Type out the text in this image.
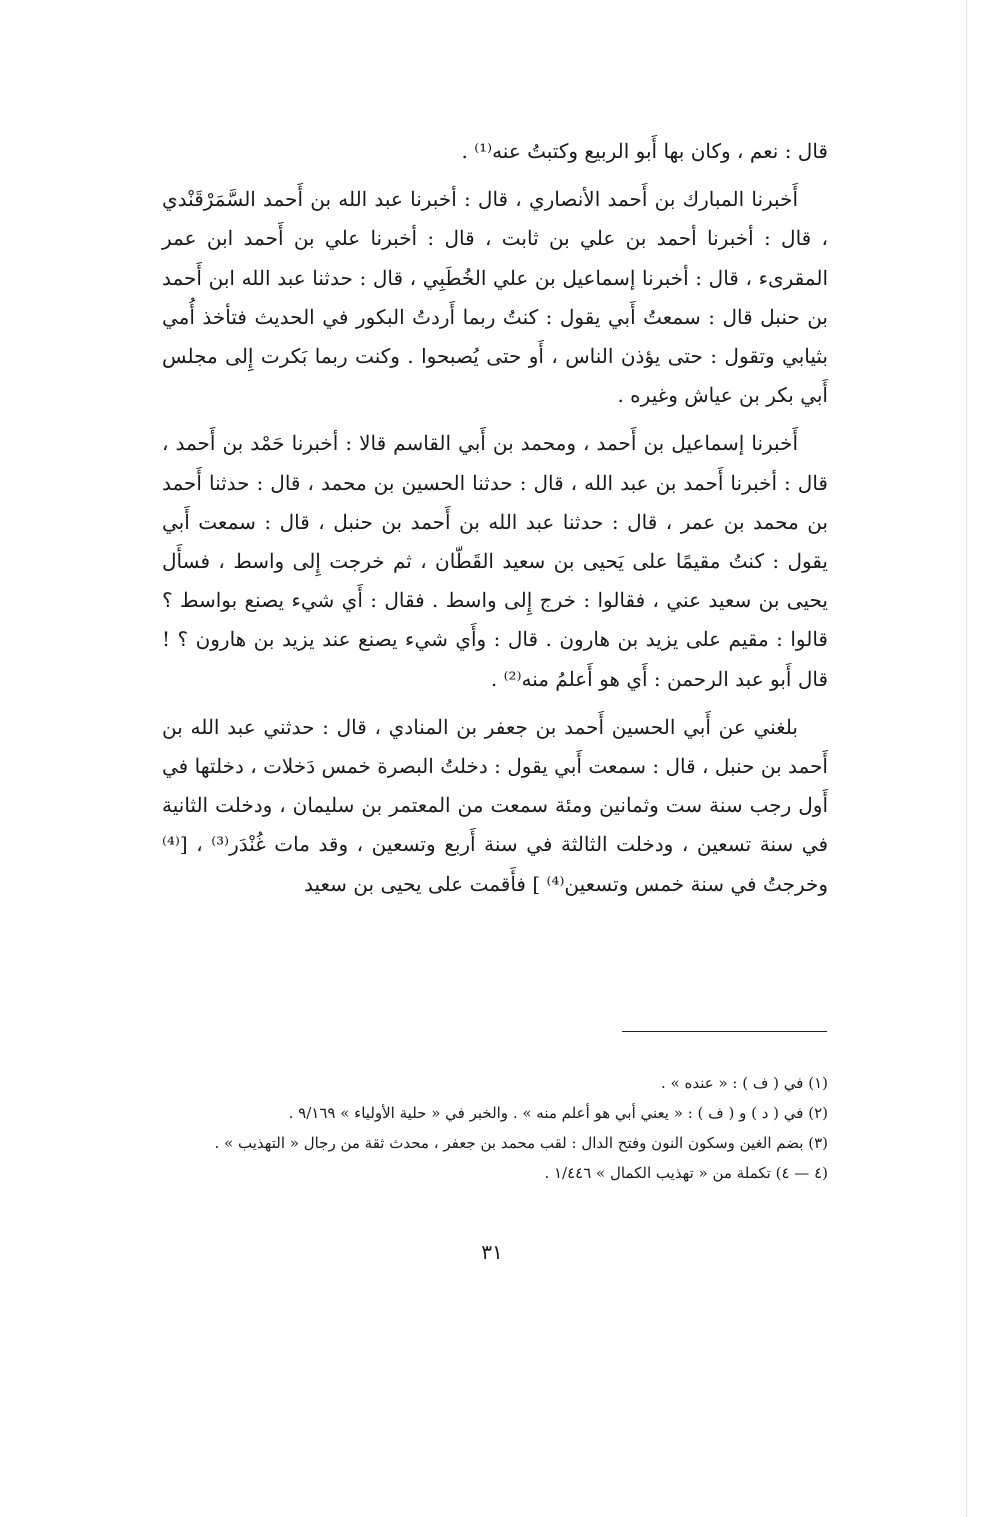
قال : نعم ، وكان بها أَبو الربيع وكتبتُ عنه⁽¹⁾ .

أَخبرنا المبارك بن أَحمد الأنصاري ، قال : أخبرنا عبد الله بن أَحمد السَّمَرْقَنْدي ، قال : أخبرنا أحمد بن علي بن ثابت ، قال : أخبرنا علي بن أَحمد ابن عمر المقرىء ، قال : أخبرنا إسماعيل بن علي الخُطَبِي ، قال : حدثنا عبد الله ابن أَحمد بن حنبل قال : سمعتُ أَبي يقول : كنتُ ربما أَردتُ البكور في الحديث فتأخذ أُمي بثيابي وتقول : حتى يؤذن الناس ، أَو حتى يُصبحوا . وكنت ربما بَكرت إِلى مجلس أَبي بكر بن عياش وغيره .

أَخبرنا إسماعيل بن أَحمد ، ومحمد بن أَبي القاسم قالا : أخبرنا حَمْد بن أَحمد ، قال : أخبرنا أَحمد بن عبد الله ، قال : حدثنا الحسين بن محمد ، قال : حدثنا أَحمد بن محمد بن عمر ، قال : حدثنا عبد الله بن أَحمد بن حنبل ، قال : سمعت أَبي يقول : كنتُ مقيمًا على يَحيى بن سعيد القَطّان ، ثم خرجت إِلى واسط ، فسأَل يحيى بن سعيد عني ، فقالوا : خرج إِلى واسط . فقال : أَي شيء يصنع بواسط ؟ قالوا : مقيم على يزيد بن هارون . قال : وأَي شيء يصنع عند يزيد بن هارون ؟ ! قال أَبو عبد الرحمن : أَي هو أَعلمُ منه⁽²⁾ .

بلغني عن أَبي الحسين أَحمد بن جعفر بن المنادي ، قال : حدثني عبد الله بن أَحمد بن حنبل ، قال : سمعت أَبي يقول : دخلتُ البصرة خمس دَخلات ، دخلتها في أَول رجب سنة ست وثمانين ومئة سمعت من المعتمر بن سليمان ، ودخلت الثانية في سنة تسعين ، ودخلت الثالثة في سنة أَربع وتسعين ، وقد مات غُنْدَر⁽³⁾ ، [⁽⁴⁾وخرجتُ في سنة خمس وتسعين⁽⁴⁾ ] فأَقمت على يحيى بن سعيد

(١) في ( ف ) : « عنده » .
(٢) في ( د ) و ( ف ) : « يعني أبي هو أعلم منه » . والخبر في « حلية الأولياء » ٩/١٦٩ .
(٣) بضم الغين وسكون النون وفتح الدال : لقب محمد بن جعفر ، محدث ثقة من رجال « التهذيب » .
(٤ — ٤) تكملة من « تهذيب الكمال » ١/٤٤٦ .
٣١
